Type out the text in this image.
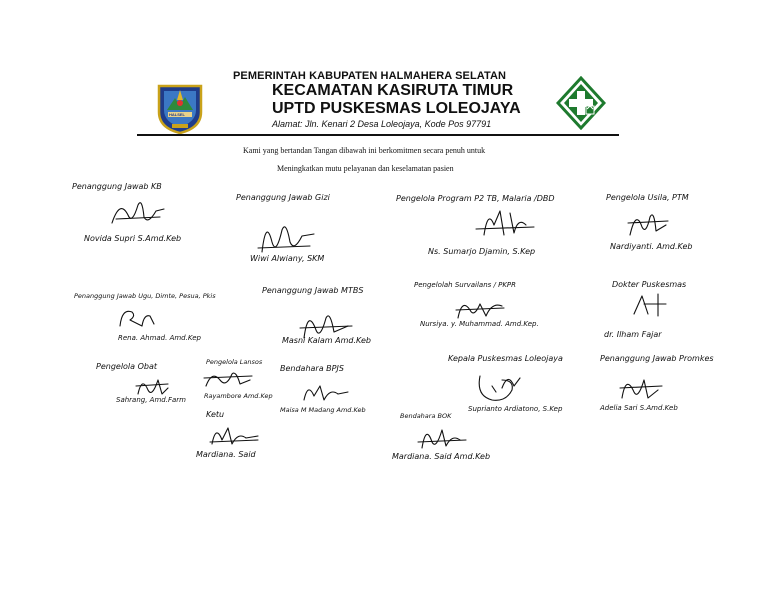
HALSEL
PEMERINTAH KABUPATEN HALMAHERA SELATAN
KECAMATAN KASIRUTA TIMUR
UPTD PUSKESMAS LOLEOJAYA
Alamat: Jln. Kenari 2 Desa Loleojaya, Kode Pos 97791
Kami yang bertandan Tangan dibawah ini berkomitmen secara penuh untuk
Meningkatkan mutu pelayanan dan keselamatan pasien
Penanggung Jawab KB
Novida Supri S.Amd.Keb
Penanggung Jawab Gizi
Wiwi Alwiany, SKM
Pengelola Program P2 TB, Malaria /DBD
Ns. Sumarjo Djamin, S.Kep
Pengelola Usila, PTM
Nardiyanti. Amd.Keb
Penanggung Jawab Ugu, Dimte, Pesua, Pkis
Rena. Ahmad. Amd.Kep
Penanggung Jawab MTBS
Masni Kalam Amd.Keb
Pengelolah Survailans / PKPR
Nursiya. y. Muhammad. Amd.Kep.
Dokter Puskesmas
dr. Ilham Fajar
Pengelola Obat
Sahrang, Amd.Farm
Pengelola Lansos
Rayambore Amd.Kep
Bendahara BPJS
Maisa M Madang Amd.Keb
Kepala Puskesmas Loleojaya
Suprianto Ardiatono, S.Kep
Penanggung Jawab Promkes
Adelia Sari S.Amd.Keb
Ketu
Mardiana. Said
Bendahara BOK
Mardiana. Said Amd.Keb
